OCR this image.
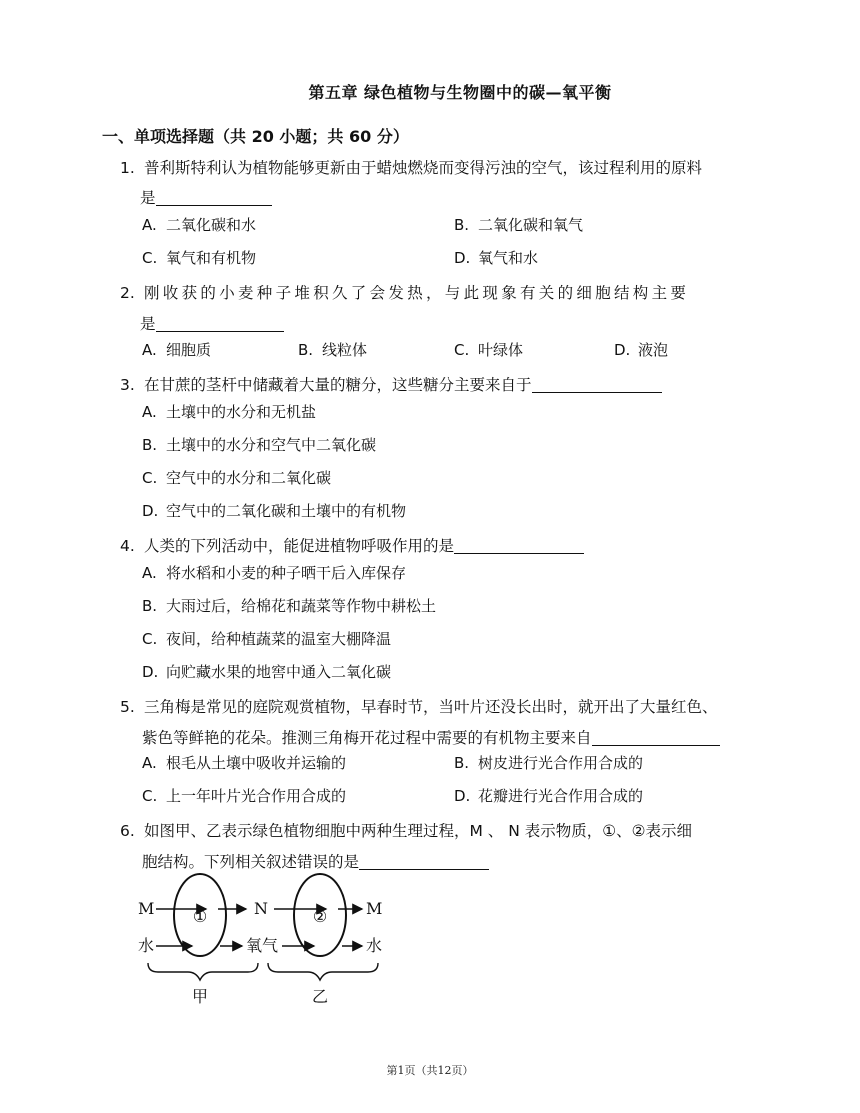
第五章 绿色植物与生物圈中的碳—氧平衡
一、单项选择题（共 20 小题；共 60 分）
1. 普利斯特利认为植物能够更新由于蜡烛燃烧而变得污浊的空气，该过程利用的原料
是
A. 二氧化碳和水	B. 二氧化碳和氧气
C. 氧气和有机物	D. 氧气和水
2. 刚收获的小麦种子堆积久了会发热，与此现象有关的细胞结构主要
是
A. 细胞质	B. 线粒体	C. 叶绿体	D. 液泡
3. 在甘蔗的茎杆中储藏着大量的糖分，这些糖分主要来自于
A. 土壤中的水分和无机盐
B. 土壤中的水分和空气中二氧化碳
C. 空气中的水分和二氧化碳
D. 空气中的二氧化碳和土壤中的有机物
4. 人类的下列活动中，能促进植物呼吸作用的是
A. 将水稻和小麦的种子晒干后入库保存
B. 大雨过后，给棉花和蔬菜等作物中耕松土
C. 夜间，给种植蔬菜的温室大棚降温
D. 向贮藏水果的地窖中通入二氧化碳
5. 三角梅是常见的庭院观赏植物，早春时节，当叶片还没长出时，就开出了大量红色、
紫色等鲜艳的花朵。推测三角梅开花过程中需要的有机物主要来自
A. 根毛从土壤中吸收并运输的	B. 树皮进行光合作用合成的
C. 上一年叶片光合作用合成的	D. 花瓣进行光合作用合成的
6. 如图甲、乙表示绿色植物细胞中两种生理过程，M 、 N 表示物质，①、②表示细
胞结构。下列相关叙述错误的是
①
M
水
N
氧气
② M
水
甲	乙
第1页（共12页）
